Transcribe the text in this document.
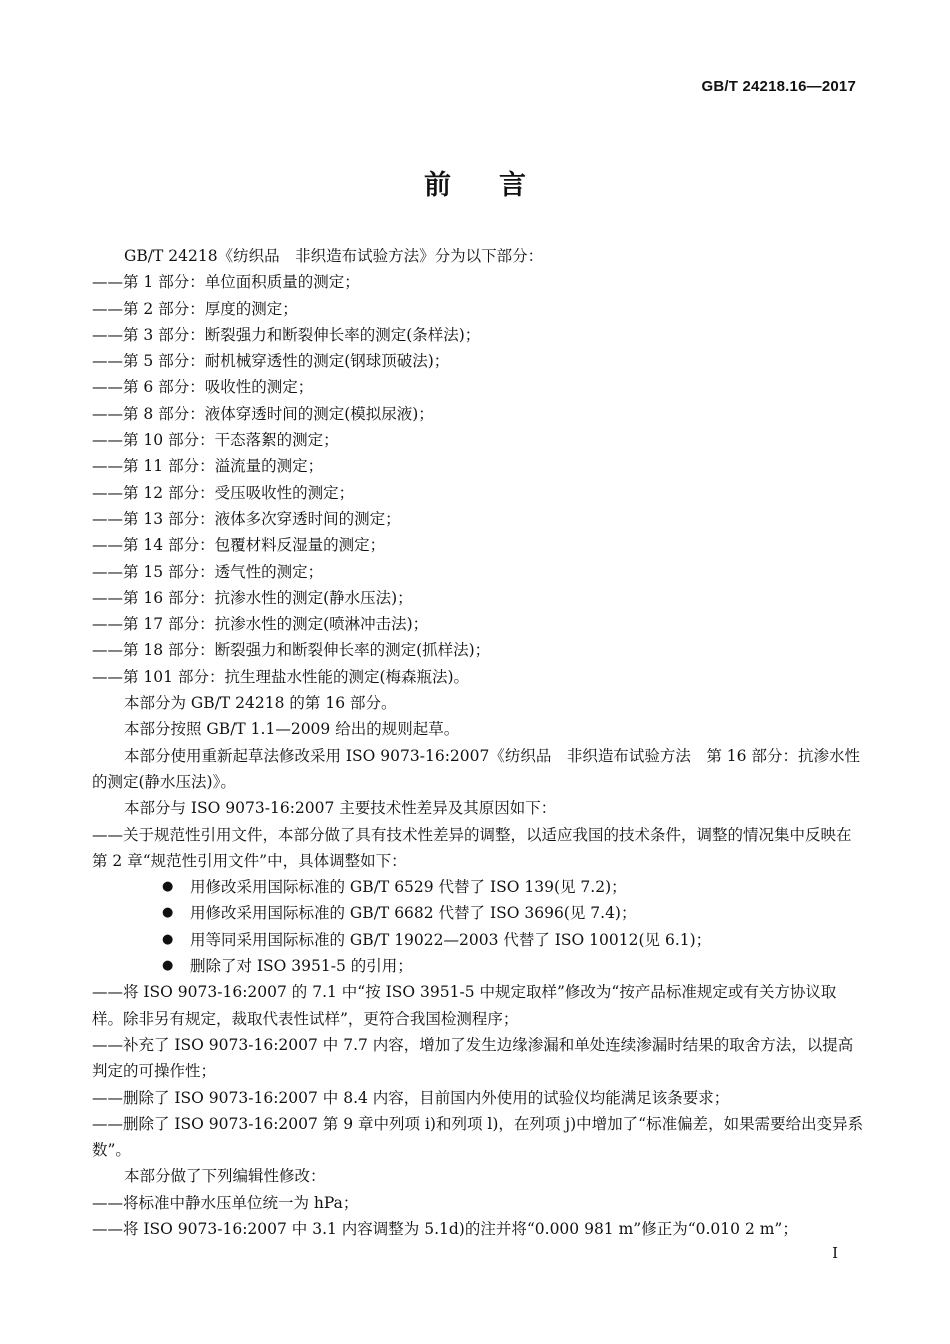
GB/T 24218.16—2017
前言
GB/T 24218《纺织品　非织造布试验方法》分为以下部分：
——第 1 部分：单位面积质量的测定；
——第 2 部分：厚度的测定；
——第 3 部分：断裂强力和断裂伸长率的测定(条样法)；
——第 5 部分：耐机械穿透性的测定(钢球顶破法)；
——第 6 部分：吸收性的测定；
——第 8 部分：液体穿透时间的测定(模拟尿液)；
——第 10 部分：干态落絮的测定；
——第 11 部分：溢流量的测定；
——第 12 部分：受压吸收性的测定；
——第 13 部分：液体多次穿透时间的测定；
——第 14 部分：包覆材料反湿量的测定；
——第 15 部分：透气性的测定；
——第 16 部分：抗渗水性的测定(静水压法)；
——第 17 部分：抗渗水性的测定(喷淋冲击法)；
——第 18 部分：断裂强力和断裂伸长率的测定(抓样法)；
——第 101 部分：抗生理盐水性能的测定(梅森瓶法)。
本部分为 GB/T 24218 的第 16 部分。
本部分按照 GB/T 1.1—2009 给出的规则起草。
本部分使用重新起草法修改采用 ISO 9073-16:2007《纺织品　非织造布试验方法　第 16 部分：抗渗水性的测定(静水压法)》。
本部分与 ISO 9073-16:2007 主要技术性差异及其原因如下：
——关于规范性引用文件，本部分做了具有技术性差异的调整，以适应我国的技术条件，调整的情况集中反映在第 2 章“规范性引用文件”中，具体调整如下：
● 用修改采用国际标准的 GB/T 6529 代替了 ISO 139(见 7.2)；
● 用修改采用国际标准的 GB/T 6682 代替了 ISO 3696(见 7.4)；
● 用等同采用国际标准的 GB/T 19022—2003 代替了 ISO 10012(见 6.1)；
● 删除了对 ISO 3951-5 的引用；
——将 ISO 9073-16:2007 的 7.1 中“按 ISO 3951-5 中规定取样”修改为“按产品标准规定或有关方协议取样。除非另有规定，裁取代表性试样”，更符合我国检测程序；
——补充了 ISO 9073-16:2007 中 7.7 内容，增加了发生边缘渗漏和单处连续渗漏时结果的取舍方法，以提高判定的可操作性；
——删除了 ISO 9073-16:2007 中 8.4 内容，目前国内外使用的试验仪均能满足该条要求；
——删除了 ISO 9073-16:2007 第 9 章中列项 i)和列项 l)，在列项 j)中增加了“标准偏差，如果需要给出变异系数”。
本部分做了下列编辑性修改：
——将标准中静水压单位统一为 hPa；
——将 ISO 9073-16:2007 中 3.1 内容调整为 5.1d)的注并将“0.000 981 m”修正为“0.010 2 m”；
I
